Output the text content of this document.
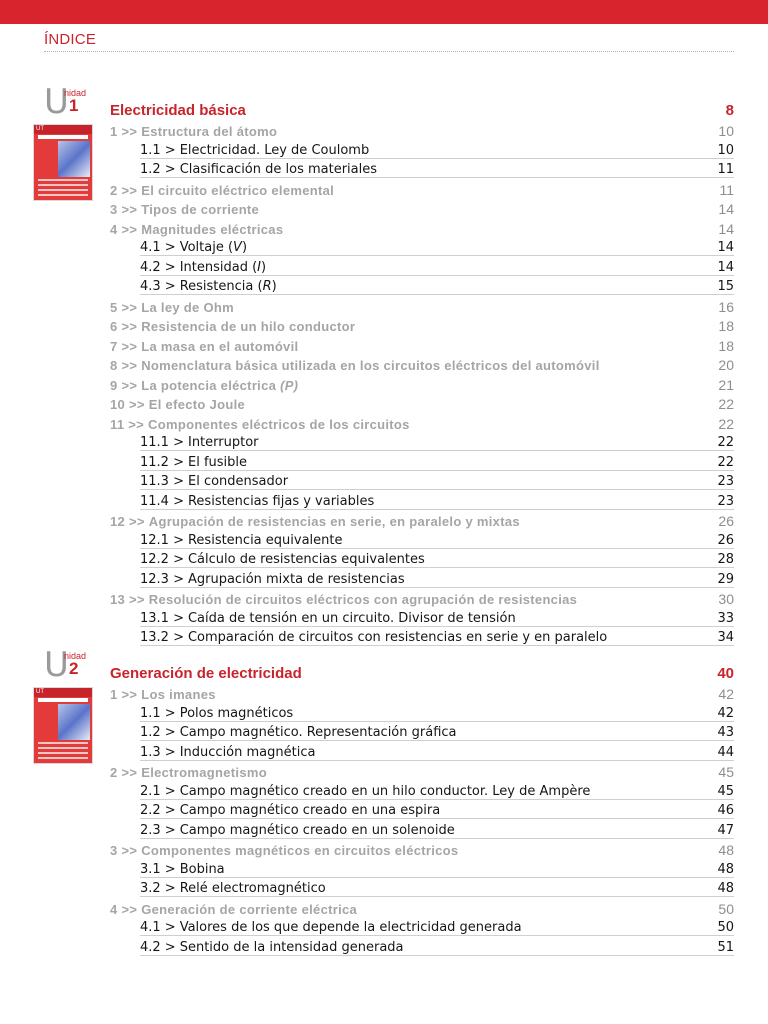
ÍNDICE
U
nidad
1
UT
Electricidad básica	8
1 >> Estructura del átomo	10
1.1 > Electricidad. Ley de Coulomb	10
1.2 > Clasificación de los materiales	11
2 >> El circuito eléctrico elemental	11
3 >> Tipos de corriente	14
4 >> Magnitudes eléctricas	14
4.1 > Voltaje (V)	14
4.2 > Intensidad (I)	14
4.3 > Resistencia (R)	15
5 >> La ley de Ohm	16
6 >> Resistencia de un hilo conductor	18
7 >> La masa en el automóvil	18
8 >> Nomenclatura básica utilizada en los circuitos eléctricos del automóvil	20
9 >> La potencia eléctrica (P)	21
10 >> El efecto Joule	22
11 >> Componentes eléctricos de los circuitos	22
11.1 > Interruptor	22
11.2 > El fusible	22
11.3 > El condensador	23
11.4 > Resistencias fijas y variables	23
12 >> Agrupación de resistencias en serie, en paralelo y mixtas	26
12.1 > Resistencia equivalente	26
12.2 > Cálculo de resistencias equivalentes	28
12.3 > Agrupación mixta de resistencias	29
13 >> Resolución de circuitos eléctricos con agrupación de resistencias	30
13.1 > Caída de tensión en un circuito. Divisor de tensión	33
13.2 > Comparación de circuitos con resistencias en serie y en paralelo	34
U
nidad
2
UT
Generación de electricidad	40
1 >> Los imanes	42
1.1 > Polos magnéticos	42
1.2 > Campo magnético. Representación gráfica	43
1.3 > Inducción magnética	44
2 >> Electromagnetismo	45
2.1 > Campo magnético creado en un hilo conductor. Ley de Ampère	45
2.2 > Campo magnético creado en una espira	46
2.3 > Campo magnético creado en un solenoide	47
3 >> Componentes magnéticos en circuitos eléctricos	48
3.1 > Bobina	48
3.2 > Relé electromagnético	48
4 >> Generación de corriente eléctrica	50
4.1 > Valores de los que depende la electricidad generada	50
4.2 > Sentido de la intensidad generada	51
